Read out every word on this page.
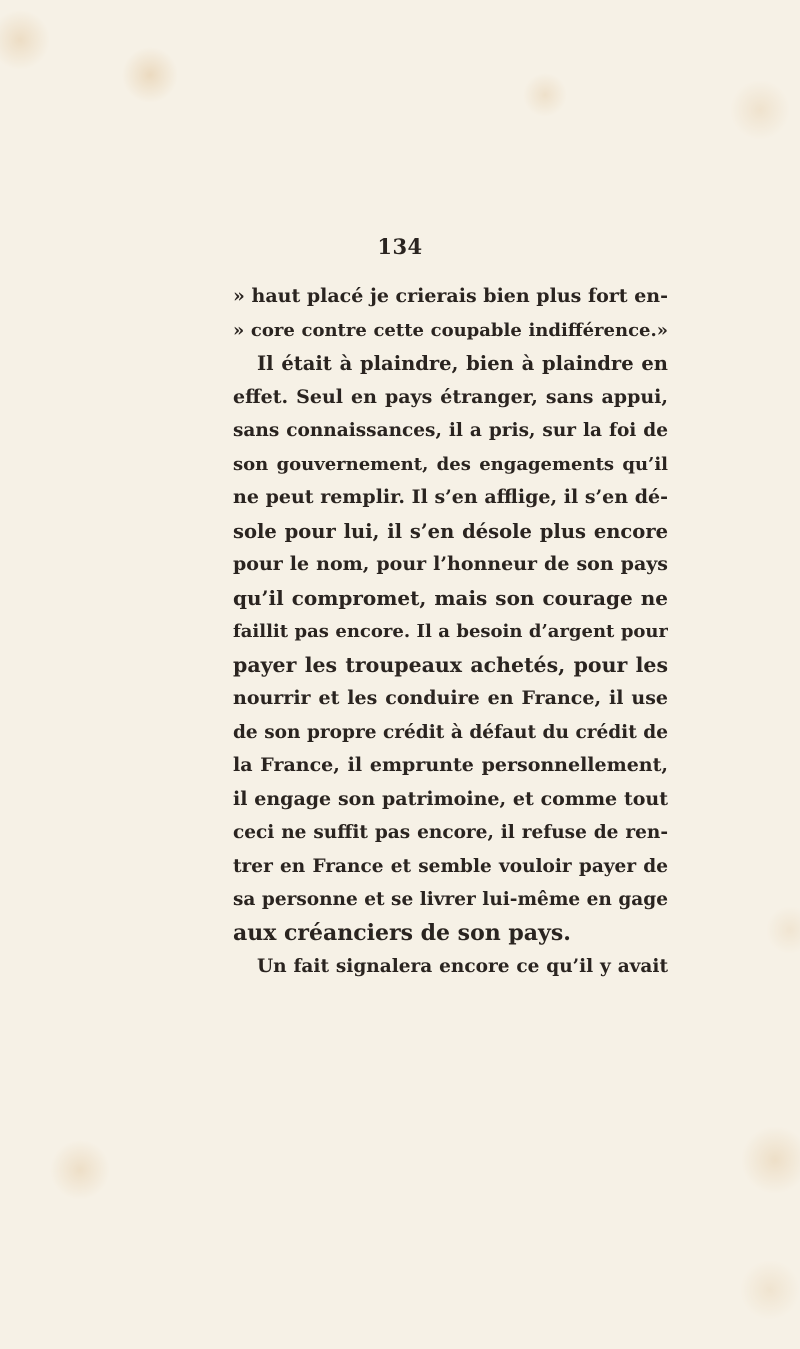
134
» haut placé je crierais bien plus fort en-
» core contre cette coupable indifférence.»
Il était à plaindre, bien à plaindre en
effet. Seul en pays étranger, sans appui,
sans connaissances, il a pris, sur la foi de
son gouvernement, des engagements qu’il
ne peut remplir. Il s’en afflige, il s’en dé-
sole pour lui, il s’en désole plus encore
pour le nom, pour l’honneur de son pays
qu’il compromet, mais son courage ne
faillit pas encore. Il a besoin d’argent pour
payer les troupeaux achetés, pour les
nourrir et les conduire en France, il use
de son propre crédit à défaut du crédit de
la France, il emprunte personnellement,
il engage son patrimoine, et comme tout
ceci ne suffit pas encore, il refuse de ren-
trer en France et semble vouloir payer de
sa personne et se livrer lui-même en gage
aux créanciers de son pays.
Un fait signalera encore ce qu’il y avait
